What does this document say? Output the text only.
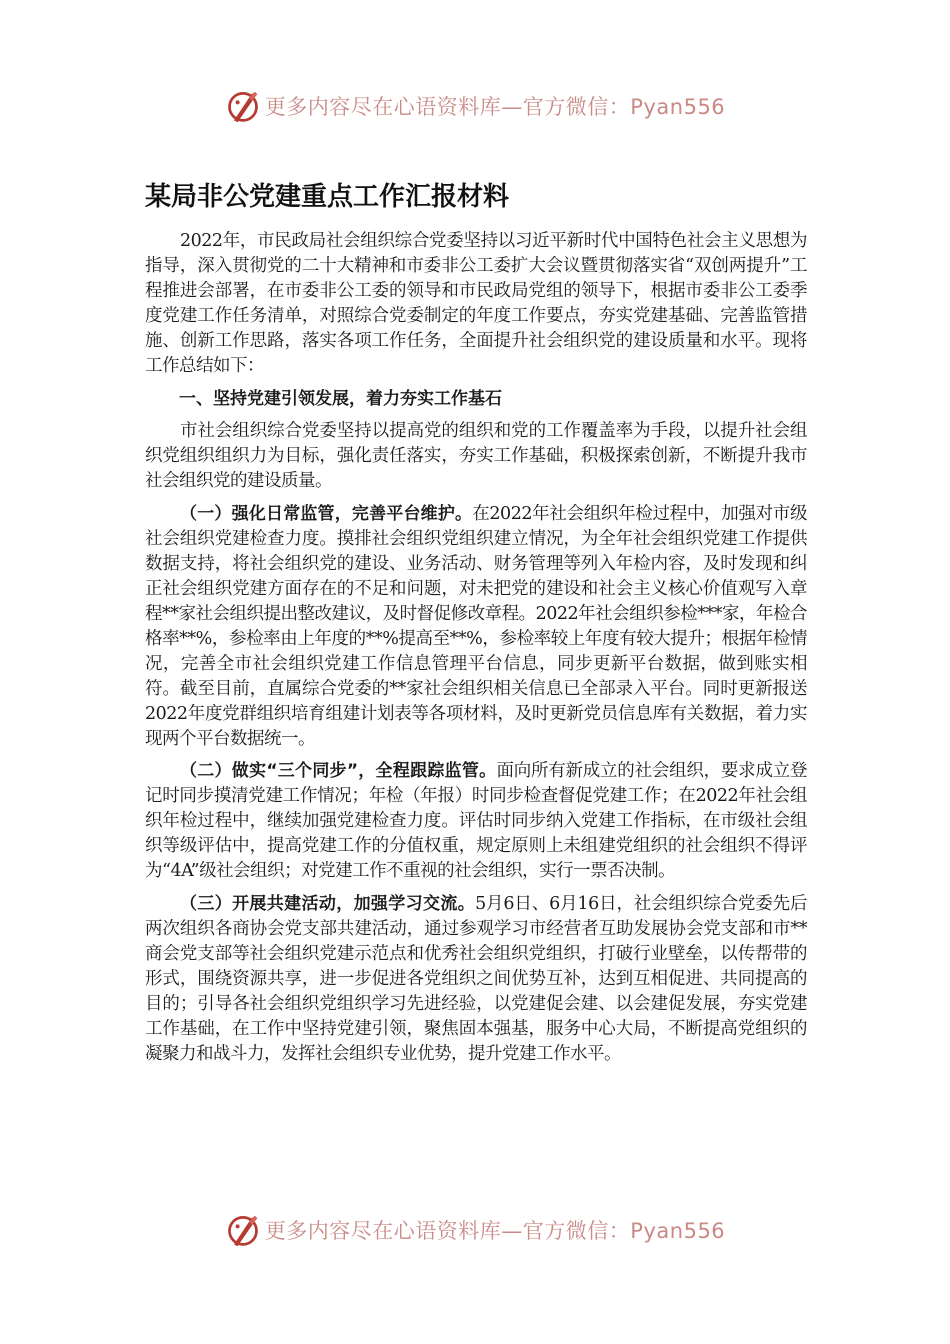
更多内容尽在心语资料库—官方微信：Pyan556
某局非公党建重点工作汇报材料

2022年，市民政局社会组织综合党委坚持以习近平新时代中国特色社会主义思想为指导，深入贯彻党的二十大精神和市委非公工委扩大会议暨贯彻落实省“双创两提升”工程推进会部署，在市委非公工委的领导和市民政局党组的领导下，根据市委非公工委季度党建工作任务清单，对照综合党委制定的年度工作要点，夯实党建基础、完善监管措施、创新工作思路，落实各项工作任务，全面提升社会组织党的建设质量和水平。现将工作总结如下：

一、坚持党建引领发展，着力夯实工作基石

市社会组织综合党委坚持以提高党的组织和党的工作覆盖率为手段，以提升社会组织党组织组织力为目标，强化责任落实，夯实工作基础，积极探索创新，不断提升我市社会组织党的建设质量。

（一）强化日常监管，完善平台维护。在2022年社会组织年检过程中，加强对市级社会组织党建检查力度。摸排社会组织党组织建立情况，为全年社会组织党建工作提供数据支持，将社会组织党的建设、业务活动、财务管理等列入年检内容，及时发现和纠正社会组织党建方面存在的不足和问题，对未把党的建设和社会主义核心价值观写入章程**家社会组织提出整改建议，及时督促修改章程。2022年社会组织参检***家，年检合格率**%，参检率由上年度的**%提高至**%，参检率较上年度有较大提升；根据年检情况，完善全市社会组织党建工作信息管理平台信息，同步更新平台数据，做到账实相符。截至目前，直属综合党委的**家社会组织相关信息已全部录入平台。同时更新报送2022年度党群组织培育组建计划表等各项材料，及时更新党员信息库有关数据，着力实现两个平台数据统一。

（二）做实“三个同步”，全程跟踪监管。面向所有新成立的社会组织，要求成立登记时同步摸清党建工作情况；年检（年报）时同步检查督促党建工作；在2022年社会组织年检过程中，继续加强党建检查力度。评估时同步纳入党建工作指标，在市级社会组织等级评估中，提高党建工作的分值权重，规定原则上未组建党组织的社会组织不得评为“4A”级社会组织；对党建工作不重视的社会组织，实行一票否决制。

（三）开展共建活动，加强学习交流。5月6日、6月16日，社会组织综合党委先后两次组织各商协会党支部共建活动，通过参观学习市经营者互助发展协会党支部和市**商会党支部等社会组织党建示范点和优秀社会组织党组织，打破行业壁垒，以传帮带的形式，围绕资源共享，进一步促进各党组织之间优势互补，达到互相促进、共同提高的目的；引导各社会组织党组织学习先进经验，以党建促会建、以会建促发展，夯实党建工作基础，在工作中坚持党建引领，聚焦固本强基，服务中心大局，不断提高党组织的凝聚力和战斗力，发挥社会组织专业优势，提升党建工作水平。

更多内容尽在心语资料库—官方微信：Pyan556
